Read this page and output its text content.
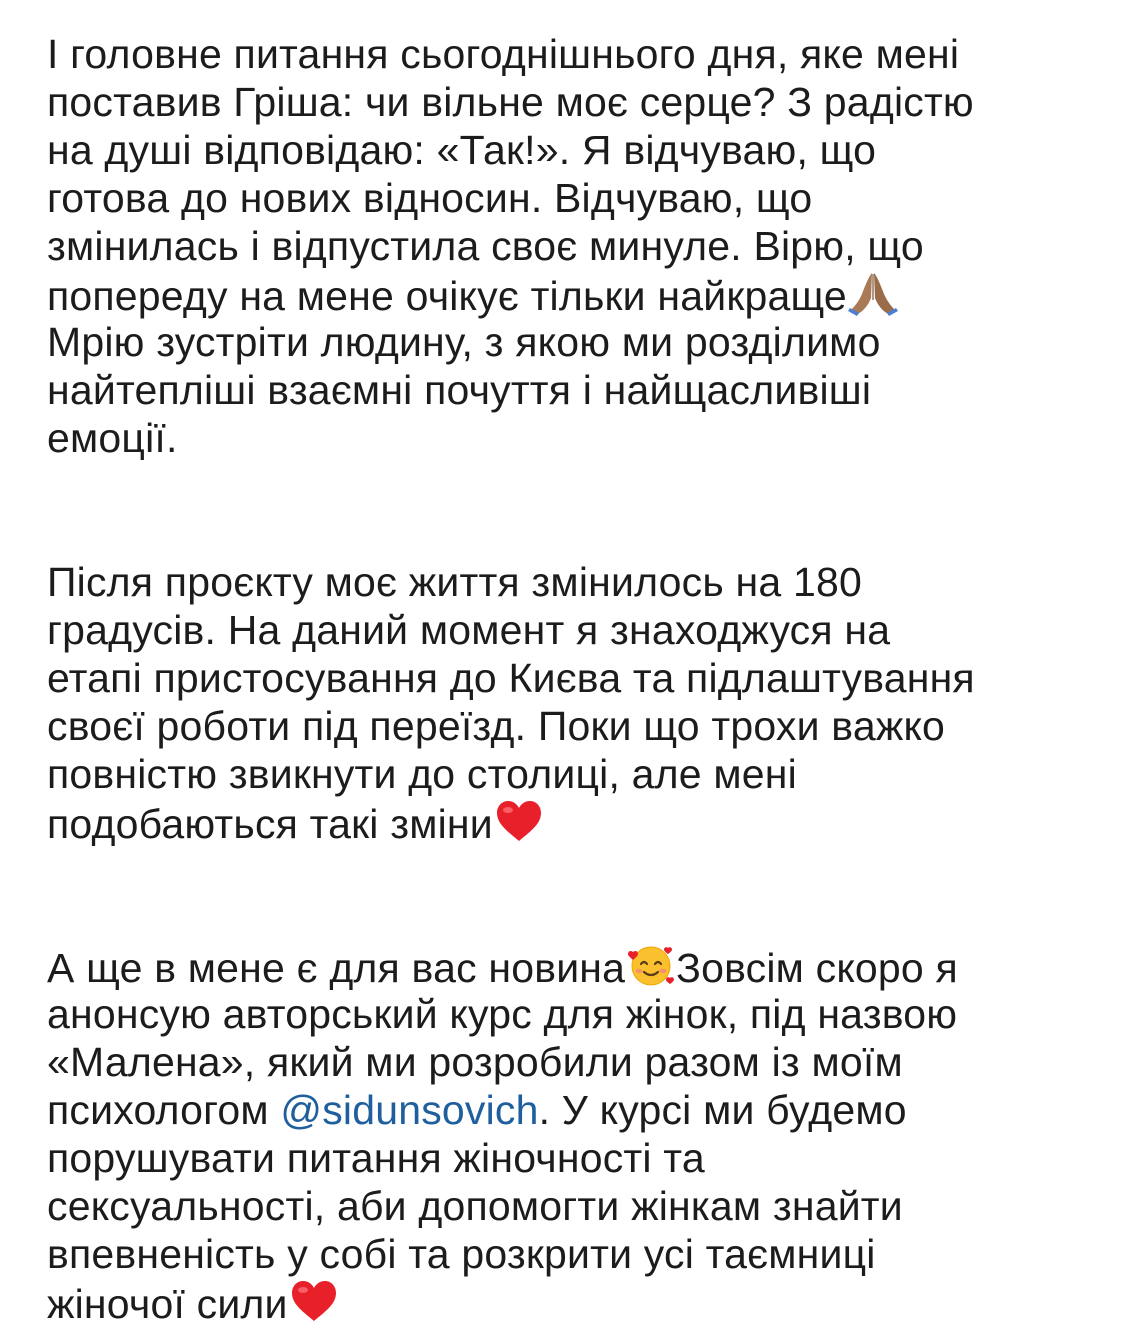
І головне питання сьогоднішнього дня, яке мені
поставив Гріша: чи вільне моє серце? З радістю
на душі відповідаю: «Так!». Я відчуваю, що
готова до нових відносин. Відчуваю, що
змінилась і відпустила своє минуле. Вірю, що
попереду на мене очікує тільки найкраще
Мрію зустріти людину, з якою ми розділимо
найтепліші взаємні почуття і найщасливіші
емоції.
Після проєкту моє життя змінилось на 180
градусів. На даний момент я знаходжуся на
етапі пристосування до Києва та підлаштування
своєї роботи під переїзд. Поки що трохи важко
повністю звикнути до столиці, але мені
подобаються такі зміни
А ще в мене є для вас новина Зовсім скоро я
анонсую авторський курс для жінок, під назвою
«Малена», який ми розробили разом із моїм
психологом @sidunsovich. У курсі ми будемо
порушувати питання жіночності та
сексуальності, аби допомогти жінкам знайти
впевненість у собі та розкрити усі таємниці
жіночої сили
